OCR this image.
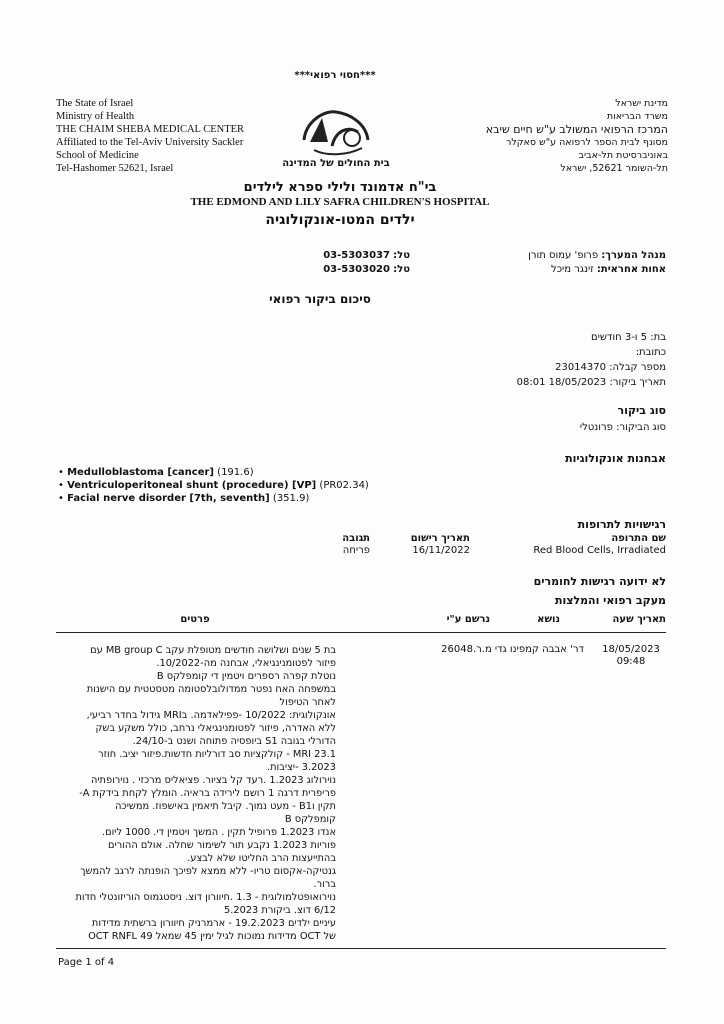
***חסוי רפואי***
The State of Israel
Ministry of Health
THE CHAIM SHEBA MEDICAL CENTER
Affiliated to the Tel-Aviv University Sackler
School of Medicine
Tel-Hashomer 52621, Israel	בית החולים של המדינה
מדינת ישראל
משרד הבריאות
המרכז הרפואי המשולב ע"ש חיים שיבא
מסונף לבית הספר לרפואה ע"ש סאקלר
באוניברסיטת תל-אביב
תל-השומר 52621, ישראל
בי"ח אדמונד ולילי ספרא לילדים
THE EDMOND AND LILY SAFRA CHILDREN'S HOSPITAL
ילדים המטו-אונקולוגיה
מנהל המערך: פרופ' עמוס תורן
טל: 03-5303037
אחות אחראית: זינגר מיכל
טל: 03-5303020
סיכום ביקור רפואי
בת: 5 ו-3 חודשים
כתובת:
מספר קבלה: 23014370
תאריך ביקור: 18/05/2023 08:01
סוג ביקור
סוג הביקור: פרונטלי
אבחנות אונקולוגיות
• Medulloblastoma [cancer] (191.6)
• Ventriculoperitoneal shunt (procedure) [VP] (PR02.34)
• Facial nerve disorder [7th, seventh] (351.9)
רגישויות לתרופות
שם התרופה
תאריך רישום
תגובה
Red Blood Cells, Irradiated
16/11/2022
פריחה
לא ידועה רגישות לחומרים
מעקב רפואי והמלצות
תאריך שעה
נושא
נרשם ע"י
פרטים
18/05/2023
09:48
דר' אבבה קמפינו גדי מ.ר.26048

בת 5 שנים ושלושה חודשים מטופלת עקב MB group C עם

פיזור לפטומנינגיאלי, אבחנה מה-10/2022.

נוטלת קפרה רספרים ויטמין די קומפלקס B

במשפחה האח נפטר ממדולובלסטומה מטסטטית עם הישנות

לאחר הטיפול

אונקולוגית: 10/2022 -פפילאדמה. בMRI גידול בחדר רביעי,

ללא האדרה, פיזור לפטומנינגיאלי נרחב, כולל משקע בשק

הדורלי בגובה S1 ביופסיה פתוחה ושנט ב-24/10.

MRI 23.1 - קולקציות סב דורליות חדשות.פיזור יציב. חוזר

3.2023 -יציבות.

נוירולוג 1.2023 .רעד קל בציור. פציאליס מרכזי . נוירופתיה

פריפרית דרגה 1 רושם לירידה בראיה. הומלץ לקחת בידקת A-

תקין וB1 - מעט נמוך. קיבל תיאמין באישפוז. ממשיכה

קומפלקס B

אנדו 1.2023 פרופיל תקין . המשך ויטמין די. 1000 ליום.

פוריות 1.2023 נקבע תור לשימור שחלה. אולם ההורים

בהתייעצות הרב החליטו שלא לבצע.

גנטיקה-אקסום טריו- ללא ממצא לפיכך הופנתה לרגב להמשך

ברור.

נוירואופטלמולוגית - 1.3 .חיוורון דוצ. ניסטגמוס הוריזונטלי חדות

6/12 דוצ. ביקורת 5.2023

עיניים ילדים 19.2.2023 - ארמרניק חיוורון ברשתית מדידות

של OCT מדידות נמוכות לגיל ימין 45 שמאל 49 OCT RNFL

Page 1 of 4
